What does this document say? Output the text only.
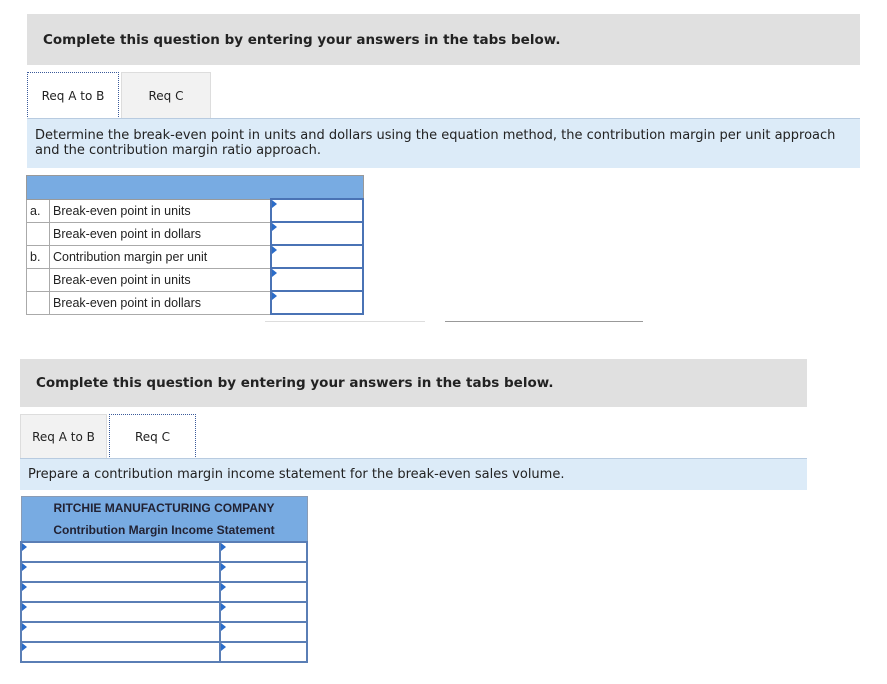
Complete this question by entering your answers in the tabs below.
Req A to B	Req C
Determine the break-even point in units and dollars using the equation method, the contribution margin per unit approach and the contribution margin ratio approach.

a.	Break-even point in units	

	Break-even point in dollars	

b.	Contribution margin per unit	

	Break-even point in units	

	Break-even point in dollars	
Complete this question by entering your answers in the tabs below.
Req A to B	Req C
Prepare a contribution margin income statement for the break-even sales volume.
RITCHIE MANUFACTURING COMPANY	
Contribution Margin Income Statement	
